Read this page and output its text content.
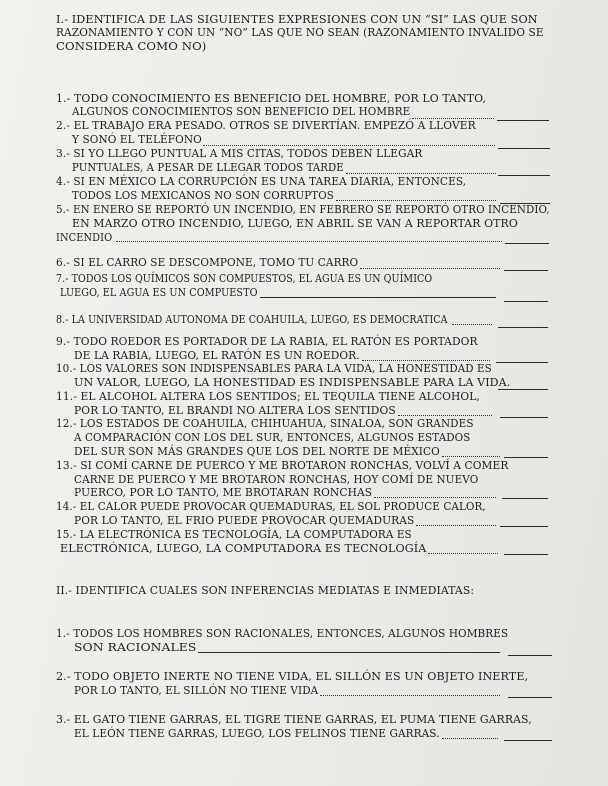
I.- IDENTIFICA DE LAS SIGUIENTES EXPRESIONES CON UN “SI” LAS QUE SON
RAZONAMIENTO Y CON UN “NO” LAS QUE NO SEAN (RAZONAMIENTO INVALIDO SE
CONSIDERA COMO NO)
1.- TODO CONOCIMIENTO ES BENEFICIO DEL HOMBRE, POR LO TANTO,
ALGUNOS CONOCIMIENTOS SON BENEFICIO DEL HOMBRE
2.- EL TRABAJO ERA PESADO. OTROS SE DIVERTÍAN. EMPEZÓ A LLOVER
Y SONÓ EL TELÉFONO
3.- SI YO LLEGO PUNTUAL A MIS CITAS, TODOS DEBEN LLEGAR
PUNTUALES, A PESAR DE LLEGAR TODOS TARDE
4.- SI EN MÉXICO LA CORRUPCIÓN ES UNA TAREA DIARIA, ENTONCES,
TODOS LOS MEXICANOS NO SON CORRUPTOS
5.- EN ENERO SE REPORTÓ UN INCENDIO, EN FEBRERO SE REPORTÓ OTRO INCENDIO,
EN MARZO OTRO INCENDIO, LUEGO, EN ABRIL SE VAN A REPORTAR OTRO
INCENDIO
6.- SI EL CARRO SE DESCOMPONE, TOMO TU CARRO
7.- TODOS LOS QUÍMICOS SON COMPUESTOS, EL AGUA ES UN QUÍMICO
LUEGO, EL AGUA ES UN COMPUESTO
8.- LA UNIVERSIDAD AUTONOMA DE COAHUILA, LUEGO, ES DEMOCRATICA
9.- TODO ROEDOR ES PORTADOR DE LA RABIA, EL RATÓN ES PORTADOR
DE LA RABIA, LUEGO, EL RATÓN ES UN ROEDOR.
10.- LOS VALORES SON INDISPENSABLES PARA LA VIDA, LA HONESTIDAD ES
UN VALOR, LUEGO, LA HONESTIDAD ES INDISPENSABLE PARA LA VIDA.
11.- EL ALCOHOL ALTERA LOS SENTIDOS; EL TEQUILA TIENE ALCOHOL,
POR LO TANTO, EL BRANDI NO ALTERA LOS SENTIDOS
12.- LOS ESTADOS DE COAHUILA, CHIHUAHUA, SINALOA, SON GRANDES
A COMPARACIÓN CON LOS DEL SUR, ENTONCES, ALGUNOS ESTADOS
DEL SUR SON MÁS GRANDES QUE LOS DEL NORTE DE MÉXICO
13.- SI COMÍ CARNE DE PUERCO Y ME BROTARON RONCHAS, VOLVÍ A COMER
CARNE DE PUERCO Y ME BROTARON RONCHAS, HOY COMÍ DE NUEVO
PUERCO, POR LO TANTO, ME BROTARAN RONCHAS
14.- EL CALOR PUEDE PROVOCAR QUEMADURAS, EL SOL PRODUCE CALOR,
POR LO TANTO, EL FRIO PUEDE PROVOCAR QUEMADURAS
15.- LA ELECTRÓNICA ES TECNOLOGÍA, LA COMPUTADORA ES
ELECTRÓNICA, LUEGO, LA COMPUTADORA ES TECNOLOGÍA
II.- IDENTIFICA CUALES SON INFERENCIAS MEDIATAS E INMEDIATAS:
1.- TODOS LOS HOMBRES SON RACIONALES, ENTONCES, ALGUNOS HOMBRES
SON RACIONALES
2.- TODO OBJETO INERTE NO TIENE VIDA, EL SILLÓN ES UN OBJETO INERTE,
POR LO TANTO, EL SILLÓN NO TIENE VIDA
3.- EL GATO TIENE GARRAS, EL TIGRE TIENE GARRAS, EL PUMA TIENE GARRAS,
EL LEÓN TIENE GARRAS, LUEGO, LOS FELINOS TIENE GARRAS.
